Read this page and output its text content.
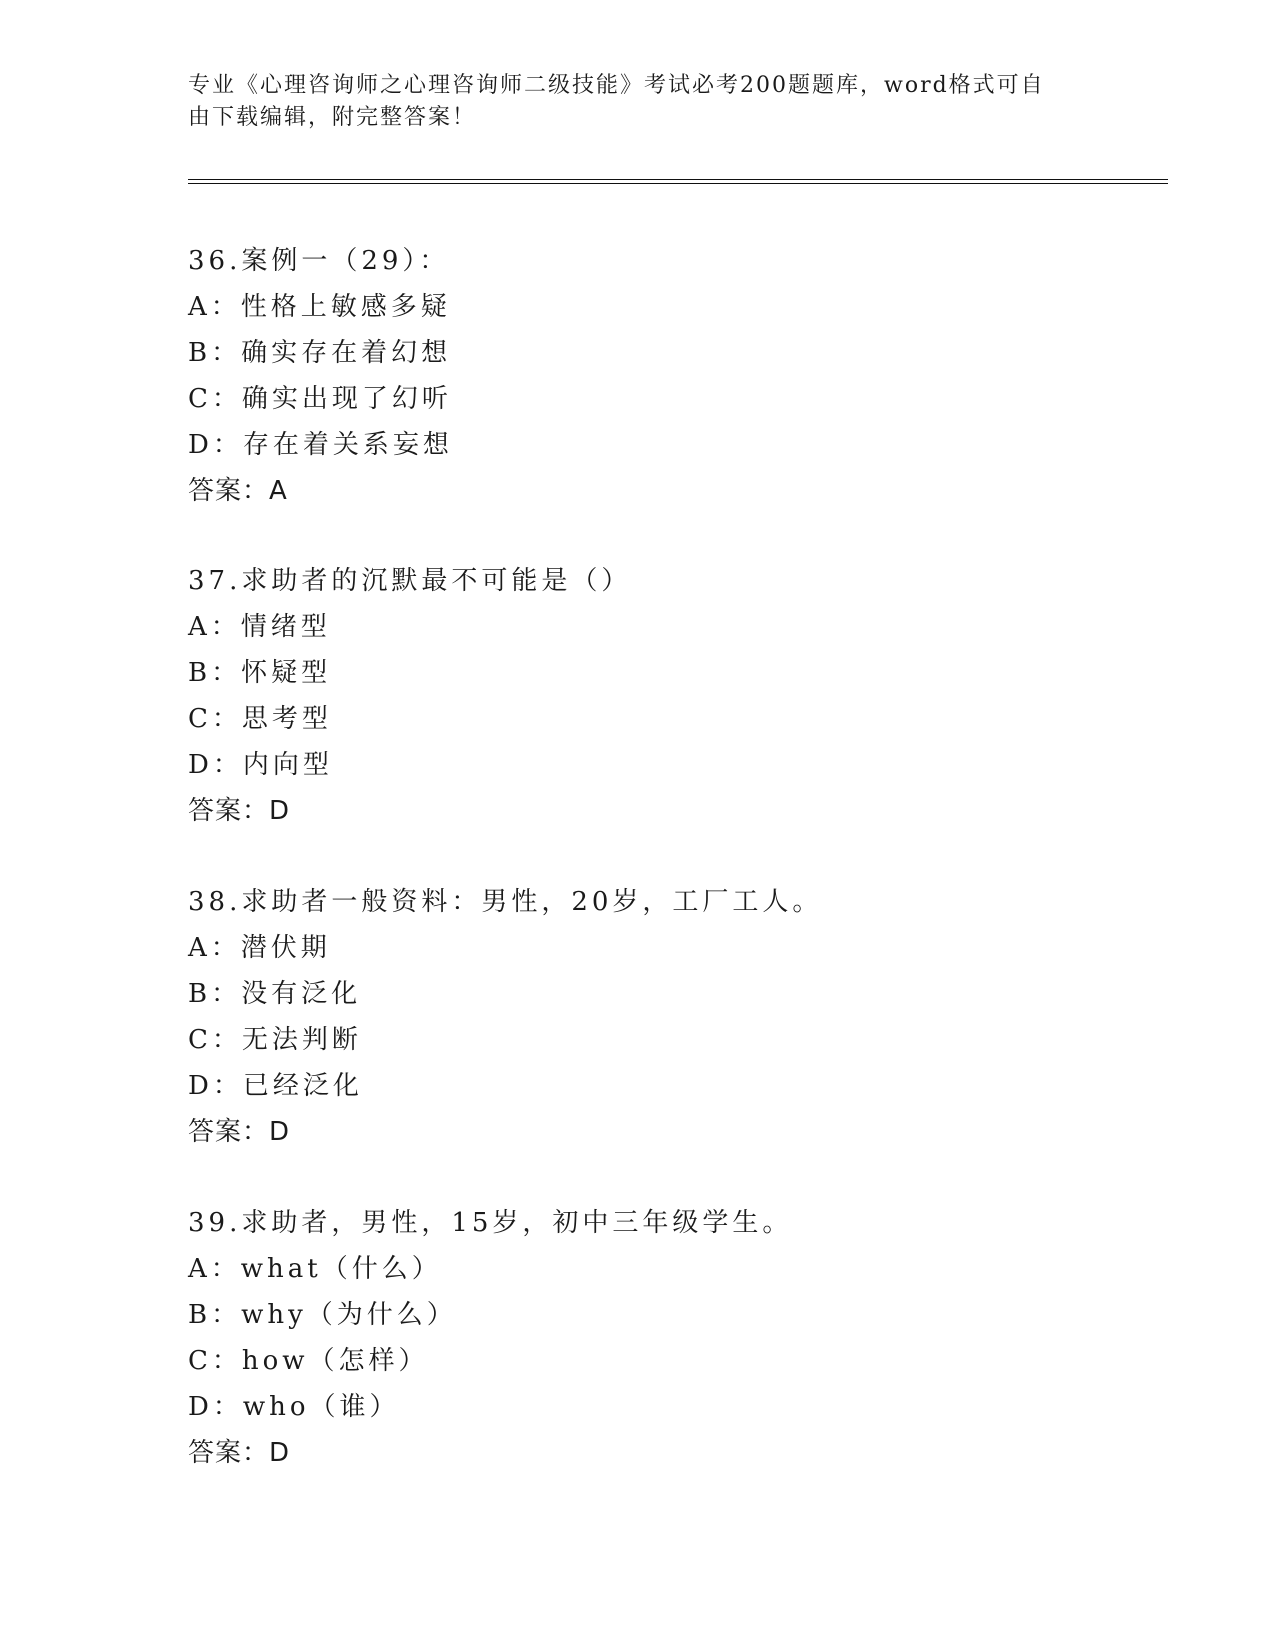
专业《心理咨询师之心理咨询师二级技能》考试必考200题题库，word格式可自
由下载编辑，附完整答案！
36.案例一（29）：
A：性格上敏感多疑
B：确实存在着幻想
C：确实出现了幻听
D：存在着关系妄想
答案：A
37.求助者的沉默最不可能是（）
A：情绪型
B：怀疑型
C：思考型
D：内向型
答案：D
38.求助者一般资料：男性，20岁，工厂工人。
A：潜伏期
B：没有泛化
C：无法判断
D：已经泛化
答案：D
39.求助者，男性，15岁，初中三年级学生。
A：what（什么）
B：why（为什么）
C：how（怎样）
D：who（谁）
答案：D
